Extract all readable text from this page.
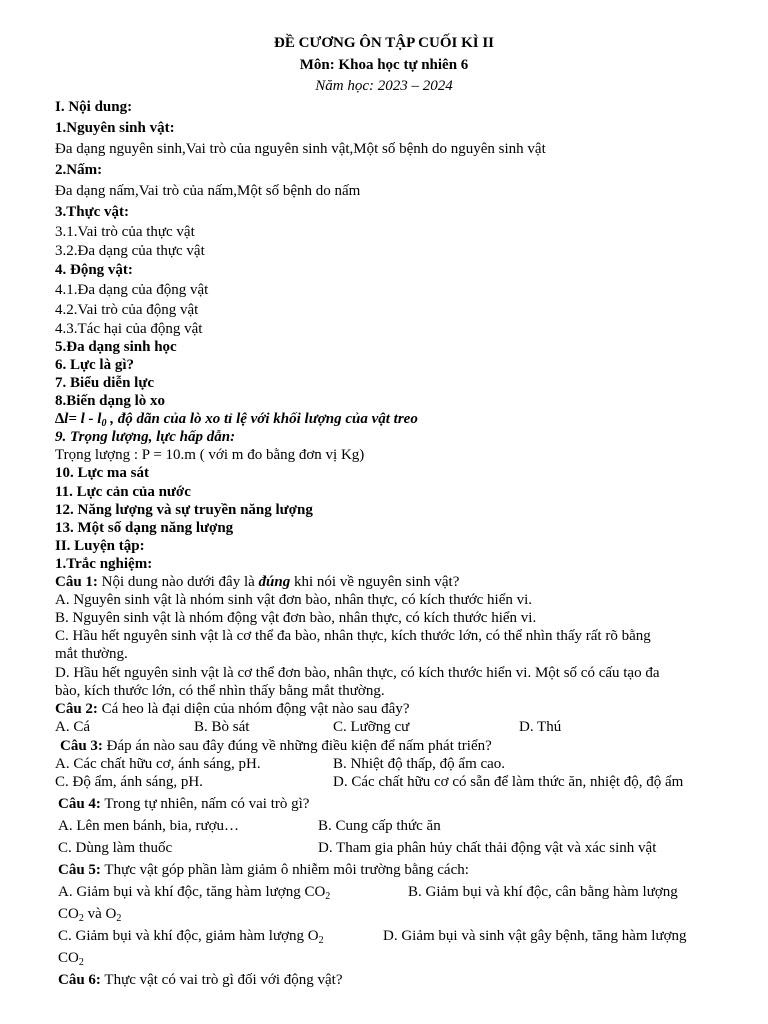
ĐỀ CƯƠNG ÔN TẬP CUỐI KÌ II
Môn: Khoa học tự nhiên 6
Năm học: 2023 – 2024
I. Nội dung:
1.Nguyên sinh vật:
Đa dạng nguyên sinh,Vai trò của nguyên sinh vật,Một số bệnh do nguyên sinh vật
2.Nấm:
Đa dạng nấm,Vai trò của nấm,Một số bệnh do nấm
3.Thực vật:
3.1.Vai trò của thực vật
3.2.Đa dạng của thực vật
4. Động vật:
4.1.Đa dạng của động vật
4.2.Vai trò của động vật
4.3.Tác hại của động vật
5.Đa dạng sinh học
6. Lực là gì?
7. Biểu diễn lực
8.Biến dạng lò xo
$\Delta l= l - l_0$ , độ dãn của lò xo tỉ lệ với khối lượng của vật treo
9. Trọng lượng, lực hấp dẫn:
Trọng lượng : P = 10.m ( với m đo bằng đơn vị Kg)
10. Lực ma sát
11. Lực cản của nước
12. Năng lượng và sự truyền năng lượng
13. Một số dạng năng lượng
II. Luyện tập:
1.Trắc nghiệm:
Câu 1: Nội dung nào dưới đây là đúng khi nói về nguyên sinh vật?
A. Nguyên sinh vật là nhóm sinh vật đơn bào, nhân thực, có kích thước hiển vi.
B. Nguyên sinh vật là nhóm động vật đơn bào, nhân thực, có kích thước hiển vi.
C. Hầu hết nguyên sinh vật là cơ thể đa bào, nhân thực, kích thước lớn, có thể nhìn thấy rất rõ bằng
mắt thường.
D. Hầu hết nguyên sinh vật là cơ thể đơn bào, nhân thực, có kích thước hiển vi. Một số có cấu tạo đa
bào, kích thước lớn, có thể nhìn thấy bằng mắt thường.
Câu 2: Cá heo là đại diện của nhóm động vật nào sau đây?
A. Cá	B. Bò sát	C. Lưỡng cư	D. Thú
Câu 3: Đáp án nào sau đây đúng về những điều kiện để nấm phát triển?
A. Các chất hữu cơ, ánh sáng, pH.	B. Nhiệt độ thấp, độ ẩm cao.
C. Độ ẩm, ánh sáng, pH.	D. Các chất hữu cơ có sẵn để làm thức ăn, nhiệt độ, độ ẩm
Câu 4: Trong tự nhiên, nấm có vai trò gì?
A. Lên men bánh, bia, rượu…	B. Cung cấp thức ăn
C. Dùng làm thuốc	D. Tham gia phân hủy chất thải động vật và xác sinh vật
Câu 5: Thực vật góp phần làm giảm ô nhiễm môi trường bằng cách:
A. Giảm bụi và khí độc, tăng hàm lượng $CO_2$	B. Giảm bụi và khí độc, cân bằng hàm lượng
$CO_2$ và $O_2$
C. Giảm bụi và khí độc, giảm hàm lượng $O_2$	D. Giảm bụi và sinh vật gây bệnh, tăng hàm lượng
$CO_2$
Câu 6: Thực vật có vai trò gì đối với động vật?
